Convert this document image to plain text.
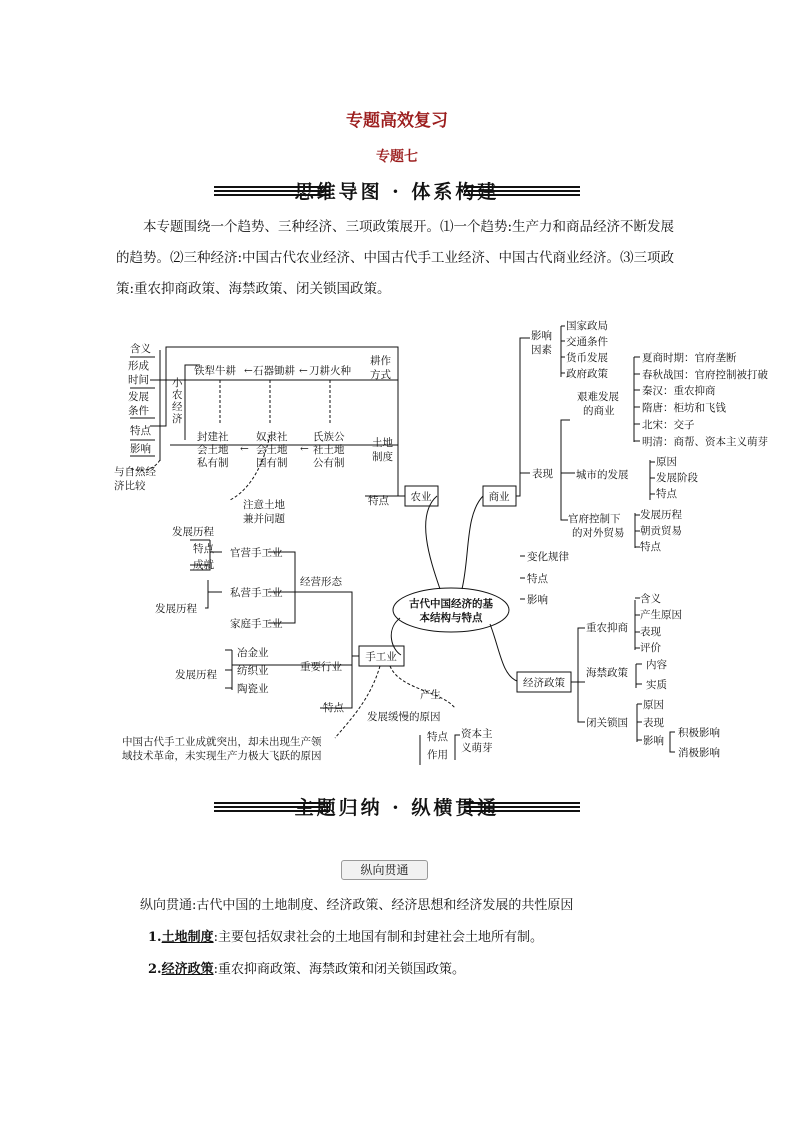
专题高效复习
专题七
思维导图 · 体系构建
本专题围绕一个趋势、三种经济、三项政策展开。⑴一个趋势:生产力和商品经济不断发展的趋势。⑵三种经济:中国古代农业经济、中国古代手工业经济、中国古代商业经济。⑶三项政策:重农抑商政策、海禁政策、闭关锁国政策。
←	←
←	←
古代中国经济的基
本结构与特点
农业	商业
手工业
经济政策
含义
形成
时间
发展
条件
特点
影响
与自然经
济比较
小
农
经
济
铁犁牛耕 石器锄耕 刀耕火种
耕作
方式
封建社
会土地
私有制
奴隶社
会土地
国有制
氏族公
社土地
公有制
土地
制度
注意土地
兼并问题
特点
发展历程
特点
成就
官营手工业
私营手工业
家庭手工业
经营形态
发展历程
发展历程
冶金业
纺织业
陶瓷业
重要行业
特点
产生
发展缓慢的原因
特点
作用
资本主
义萌芽
中国古代手工业成就突出，却未出现生产领
域技术革命，未实现生产力极大飞跃的原因
影响
因素
国家政局
交通条件
货币发展
政府政策
表现
艰难发展
的商业
夏商时期：官府垄断
春秋战国：官府控制被打破
秦汉：重农抑商
隋唐：柜坊和飞钱
北宋：交子
明清：商帮、资本主义萌芽
城市的发展
原因
发展阶段
特点
官府控制下
的对外贸易
发展历程
朝贡贸易
特点
变化规律
特点
影响
重农抑商
含义
产生原因
表现
评价
海禁政策
内容
实质
闭关锁国
原因
表现
影响
积极影响
消极影响
主题归纳 · 纵横贯通
纵向贯通
纵向贯通:古代中国的土地制度、经济政策、经济思想和经济发展的共性原因
1.土地制度:主要包括奴隶社会的土地国有制和封建社会土地所有制。
2.经济政策:重农抑商政策、海禁政策和闭关锁国政策。
